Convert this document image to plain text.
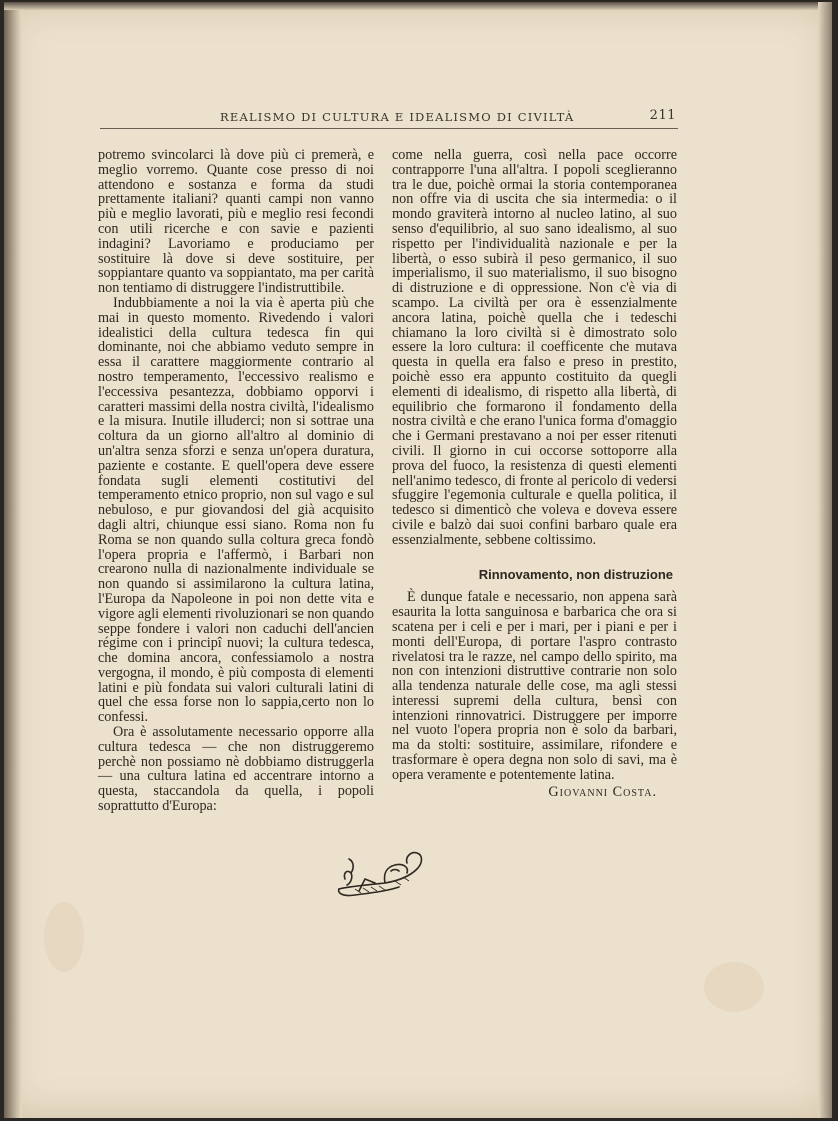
REALISMO DI CULTURA E IDEALISMO DI CIVILTÀ	211

potremo svincolarci là dove più ci premerà, e meglio vorremo. Quante cose presso di noi attendono e sostanza e forma da studi prettamente italiani? quanti campi non vanno più e meglio lavorati, più e meglio resi fecondi con utili ricerche e con savie e pazienti indagini? Lavoriamo e produciamo per sostituire là dove si deve sostituire, per soppiantare quanto va soppiantato, ma per carità non tentiamo di distruggere l'indistruttibile.

Indubbiamente a noi la via è aperta più che mai in questo momento. Rivedendo i valori idealistici della cultura tedesca fin qui dominante, noi che abbiamo veduto sempre in essa il carattere maggiormente contrario al nostro temperamento, l'eccessivo realismo e l'eccessiva pesantezza, dobbiamo opporvi i caratteri massimi della nostra civiltà, l'idealismo e la misura. Inutile illuderci; non si sottrae una coltura da un giorno all'altro al dominio di un'altra senza sforzi e senza un'opera duratura, paziente e costante. E quell'opera deve essere fondata sugli elementi costitutivi del temperamento etnico proprio, non sul vago e sul nebuloso, e pur giovandosi del già acquisito dagli altri, chiunque essi siano. Roma non fu Roma se non quando sulla coltura greca fondò l'opera propria e l'affermò, i Barbari non crearono nulla di nazionalmente individuale se non quando si assimilarono la cultura latina, l'Europa da Napoleone in poi non dette vita e vigore agli elementi rivoluzionari se non quando seppe fondere i valori non caduchi dell'ancien régime con i principî nuovi; la cultura tedesca, che domina ancora, confessiamolo a nostra vergogna, il mondo, è più composta di elementi latini e più fondata sui valori culturali latini di quel che essa forse non lo sappia,certo non lo confessi.

Ora è assolutamente necessario opporre alla cultura tedesca — che non distruggeremo perchè non possiamo nè dobbiamo distruggerla — una cultura latina ed accentrare intorno a questa, staccandola da quella, i popoli soprattutto d'Europa:

come nella guerra, così nella pace occorre contrapporre l'una all'altra. I popoli sceglieranno tra le due, poichè ormai la storia contemporanea non offre via di uscita che sia intermedia: o il mondo graviterà intorno al nucleo latino, al suo senso d'equilibrio, al suo sano idealismo, al suo rispetto per l'individualità nazionale e per la libertà, o esso subirà il peso germanico, il suo imperialismo, il suo materialismo, il suo bisogno di distruzione e di oppressione. Non c'è via di scampo. La civiltà per ora è essenzialmente ancora latina, poichè quella che i tedeschi chiamano la loro civiltà si è dimostrato solo essere la loro cultura: il coefficente che mutava questa in quella era falso e preso in prestito, poichè esso era appunto costituito da quegli elementi di idealismo, di rispetto alla libertà, di equilibrio che formarono il fondamento della nostra civiltà e che erano l'unica forma d'omaggio che i Germani prestavano a noi per esser ritenuti civili. Il giorno in cui occorse sottoporre alla prova del fuoco, la resistenza di questi elementi nell'animo tedesco, di fronte al pericolo di vedersi sfuggire l'egemonia culturale e quella politica, il tedesco si dimenticò che voleva e doveva essere civile e balzò dai suoi confini barbaro quale era essenzialmente, sebbene coltissimo.

Rinnovamento, non distruzione

È dunque fatale e necessario, non appena sarà esaurita la lotta sanguinosa e barbarica che ora si scatena per i celi e per i mari, per i piani e per i monti dell'Europa, di portare l'aspro contrasto rivelatosi tra le razze, nel campo dello spirito, ma non con intenzioni distruttive contrarie non solo alla tendenza naturale delle cose, ma agli stessi interessi supremi della cultura, bensì con intenzioni rinnovatrici. Distruggere per imporre nel vuoto l'opera propria non è solo da barbari, ma da stolti: sostituire, assimilare, rifondere e trasformare è opera degna non solo di savi, ma è opera veramente e potentemente latina.

Giovanni Costa.
